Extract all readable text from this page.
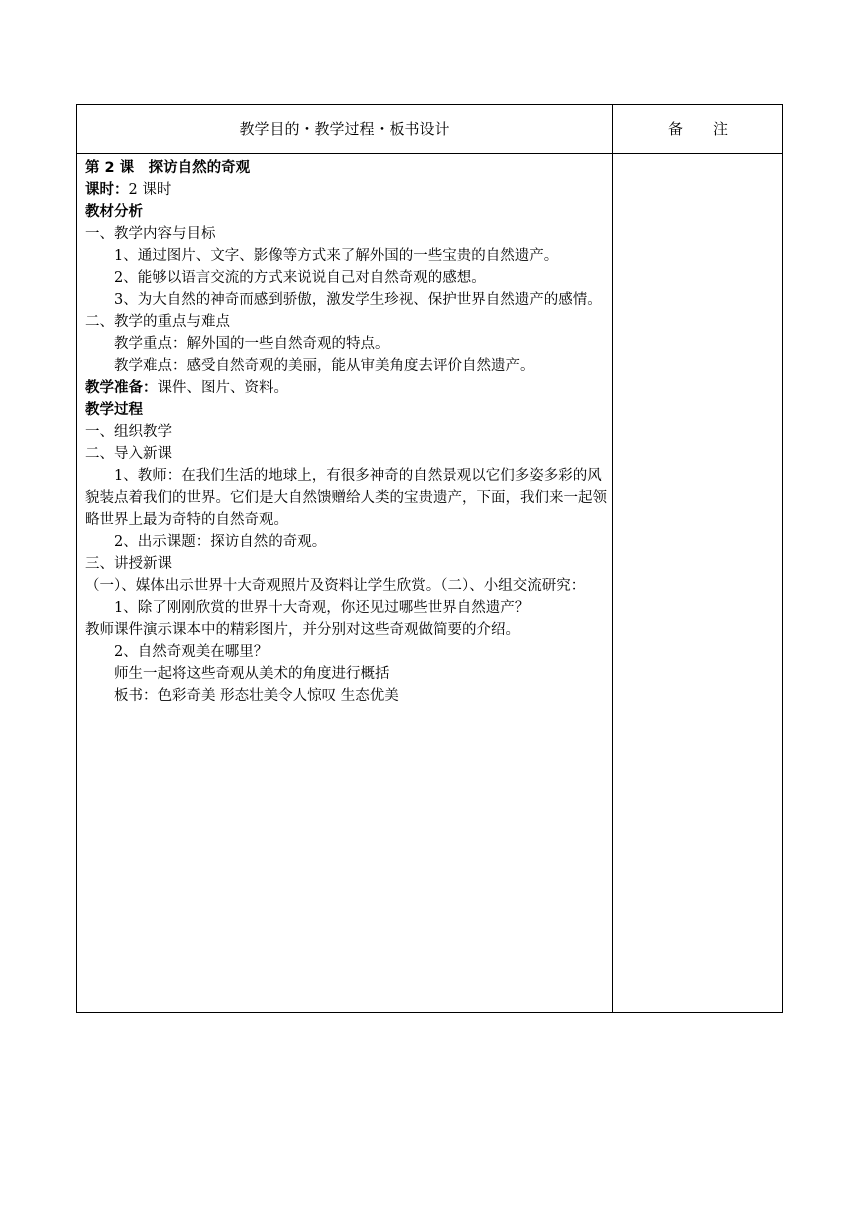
教学目的・教学过程・板书设计	备注

第 2 课　探访自然的奇观

课时：2 课时

教材分析

一、教学内容与目标

1、通过图片、文字、影像等方式来了解外国的一些宝贵的自然遗产。

2、能够以语言交流的方式来说说自己对自然奇观的感想。

3、为大自然的神奇而感到骄傲，激发学生珍视、保护世界自然遗产的感情。

二、教学的重点与难点

教学重点：解外国的一些自然奇观的特点。

教学难点：感受自然奇观的美丽，能从审美角度去评价自然遗产。

教学准备：课件、图片、资料。

教学过程

一、组织教学

二、导入新课

1、教师：在我们生活的地球上，有很多神奇的自然景观以它们多姿多彩的风貌装点着我们的世界。它们是大自然馈赠给人类的宝贵遗产，下面，我们来一起领略世界上最为奇特的自然奇观。

2、出示课题：探访自然的奇观。

三、讲授新课

（一）、媒体出示世界十大奇观照片及资料让学生欣赏。（二）、小组交流研究：

1、除了刚刚欣赏的世界十大奇观，你还见过哪些世界自然遗产？

教师课件演示课本中的精彩图片，并分别对这些奇观做简要的介绍。

2、自然奇观美在哪里？

师生一起将这些奇观从美术的角度进行概括

板书：色彩奇美 形态壮美令人惊叹 生态优美
